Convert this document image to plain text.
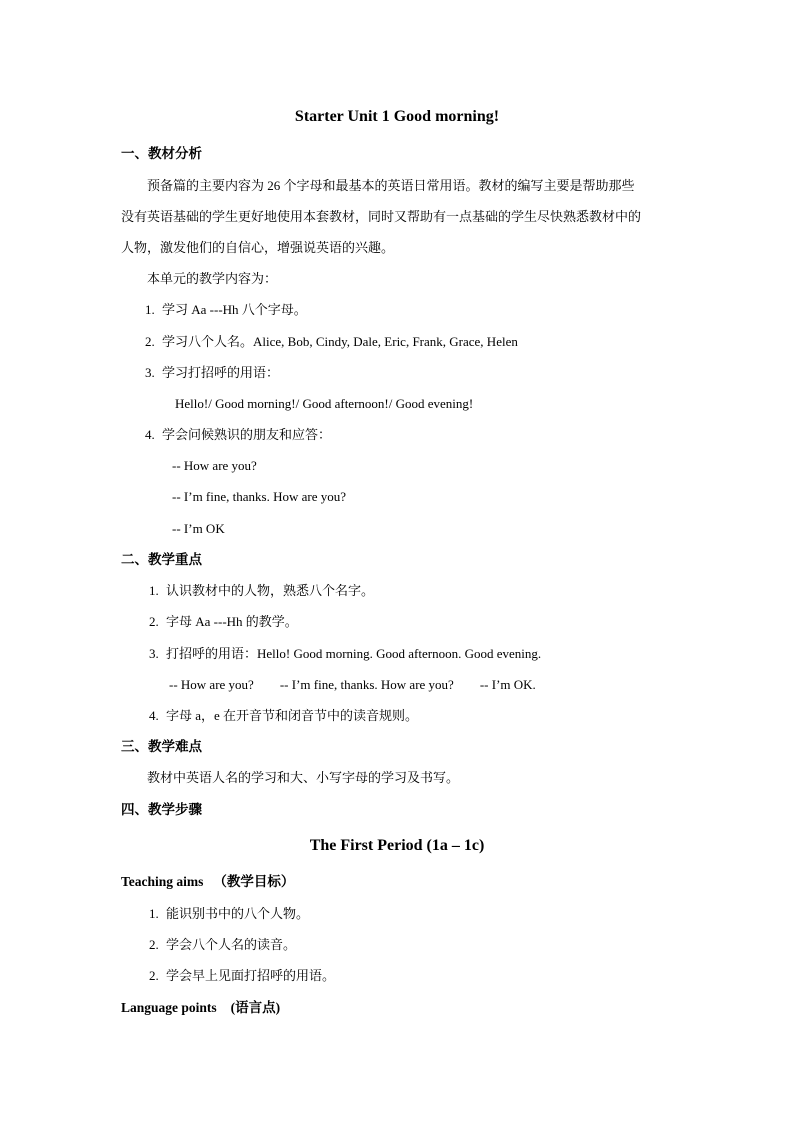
Starter Unit 1 Good morning!
一、教材分析
预备篇的主要内容为 26 个字母和最基本的英语日常用语。教材的编写主要是帮助那些
没有英语基础的学生更好地使用本套教材，同时又帮助有一点基础的学生尽快熟悉教材中的
人物，激发他们的自信心，增强说英语的兴趣。
本单元的教学内容为：
1. 学习 Aa ---Hh 八个字母。
2. 学习八个人名。Alice, Bob, Cindy, Dale, Eric, Frank, Grace, Helen
3. 学习打招呼的用语：
Hello!/ Good morning!/ Good afternoon!/ Good evening!
4. 学会问候熟识的朋友和应答：
-- How are you?
-- I’m fine, thanks. How are you?
-- I’m OK
二、教学重点
1. 认识教材中的人物，熟悉八个名字。
2. 字母 Aa ---Hh 的教学。
3. 打招呼的用语：Hello! Good morning. Good afternoon. Good evening.
-- How are you? -- I’m fine, thanks. How are you? -- I’m OK.
4. 字母 a，e 在开音节和闭音节中的读音规则。
三、教学难点
教材中英语人名的学习和大、小写字母的学习及书写。
四、教学步骤
The First Period (1a – 1c)
Teaching aims （教学目标）
1. 能识别书中的八个人物。
2. 学会八个人名的读音。
2. 学会早上见面打招呼的用语。
Language points (语言点)
